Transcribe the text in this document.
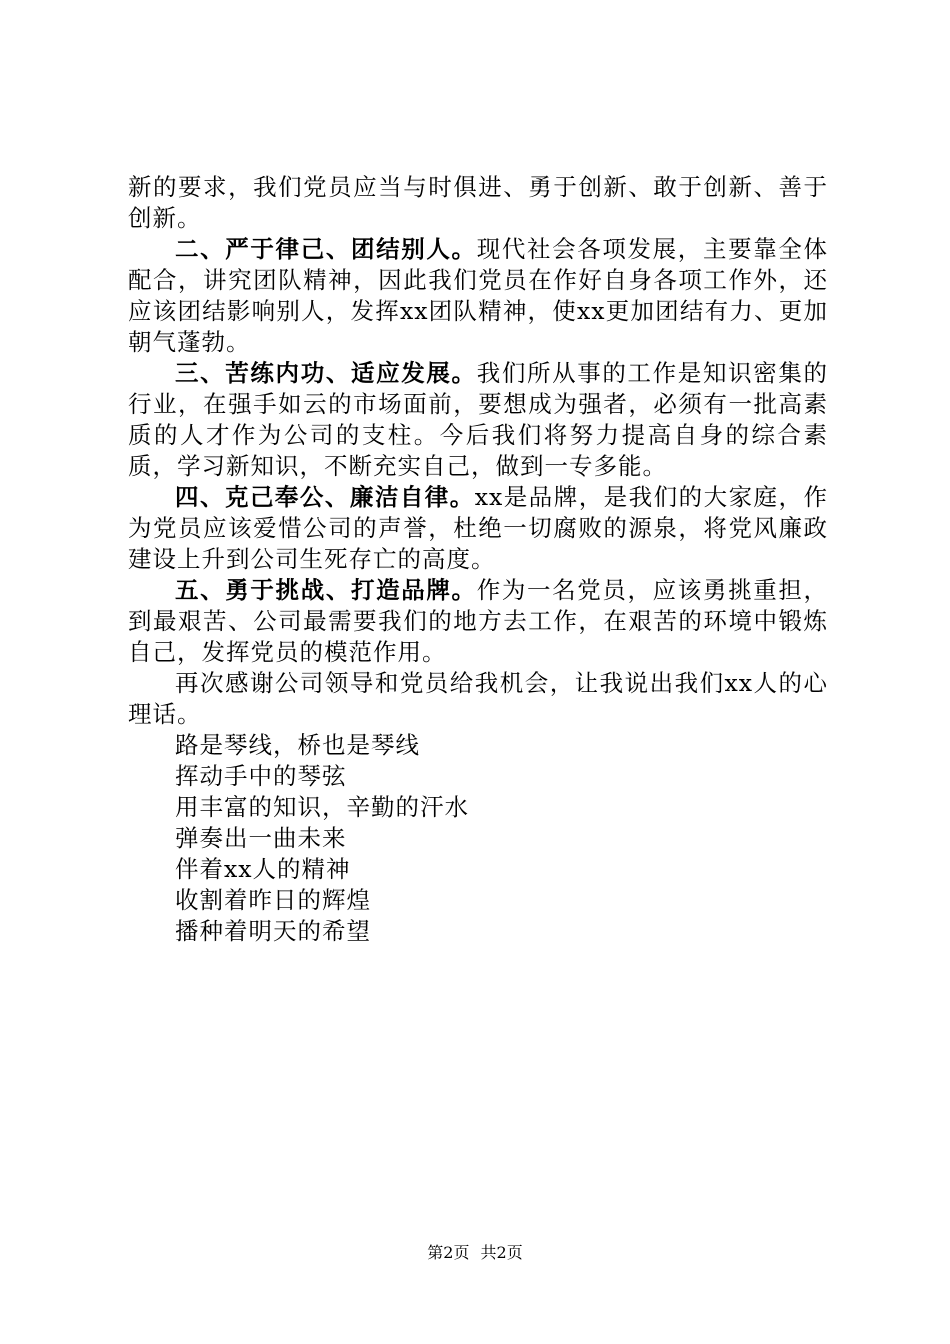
新的要求，我们党员应当与时俱进、勇于创新、敢于创新、善于创新。

二、严于律己、团结别人。现代社会各项发展，主要靠全体配合，讲究团队精神，因此我们党员在作好自身各项工作外，还应该团结影响别人，发挥xx团队精神，使xx更加团结有力、更加朝气蓬勃。

三、苦练内功、适应发展。我们所从事的工作是知识密集的行业，在强手如云的市场面前，要想成为强者，必须有一批高素质的人才作为公司的支柱。今后我们将努力提高自身的综合素质，学习新知识，不断充实自己，做到一专多能。

四、克己奉公、廉洁自律。xx是品牌，是我们的大家庭，作为党员应该爱惜公司的声誉，杜绝一切腐败的源泉，将党风廉政建设上升到公司生死存亡的高度。

五、勇于挑战、打造品牌。作为一名党员，应该勇挑重担，到最艰苦、公司最需要我们的地方去工作，在艰苦的环境中锻炼自己，发挥党员的模范作用。

再次感谢公司领导和党员给我机会，让我说出我们xx人的心理话。

路是琴线，桥也是琴线
挥动手中的琴弦
用丰富的知识，辛勤的汗水
弹奏出一曲未来
伴着xx人的精神
收割着昨日的辉煌
播种着明天的希望
第2页 共2页
